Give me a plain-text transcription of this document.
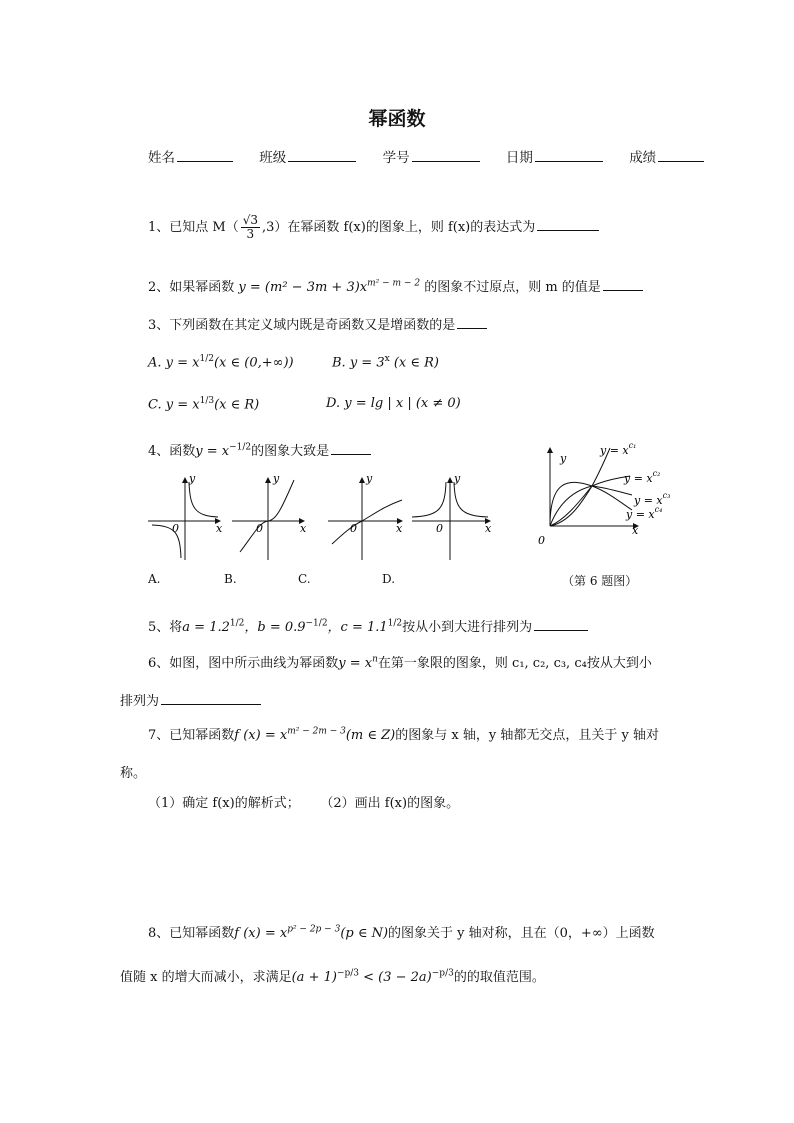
幂函数
姓名	班级	学号	日期	成绩
1、已知点 $M( \frac{√3}{3} ,3)$在幂函数 f(x)的图象上，则 f(x)的表达式为
2、如果幂函数 $y = (m^2 - 3m + 3)x^{m^2 - m - 2}$ 的图象不过原点，则 m 的值是
3、下列函数在其定义域内既是奇函数又是增函数的是
A. $y = x^{1/2}(x$ ∈ (0,+∞))	B. $y = 3^x$ (x ∈ R)
C. $y = x^{1/3}(x$ ∈ R)	D. y = lg | x | (x ≠ 0)
4、函数$y = x^{-1/2}$的图象大致是
y
x
0
y
x
0
y
x
0
y
x
0
A.	B.	C.	D.
y
x
0
$y = x^{c_1}$
$y = x^{c_2}$
$y = x^{c_3}$
$y = x^{c_4}$
（第 6 题图）
5、将$a = 1.2^{1/2}$，$b = 0.9^{-1/2}$，$c = 1.1^{1/2}$按从小到大进行排列为
6、如图，图中所示曲线为幂函数$y = x^n$在第一象限的图象，则 c₁, c₂, c₃, c₄按从大到小
排列为
7、已知幂函数f $(x) = x^{m^2 - 2m - 3}(m$ ∈ Z)的图象与 x 轴，y 轴都无交点，且关于 y 轴对
称。
（1）确定 f(x)的解析式； （2）画出 f(x)的图象。
8、已知幂函数f $(x) = x^{p^2 - 2p - 3}(p$ ∈ N)的图象关于 y 轴对称，且在（0，+∞）上函数
值随 x 的增大而减小，求满足$(a + 1)^{-p/3} < (3 - 2a)^{-p/3}$的的取值范围。
